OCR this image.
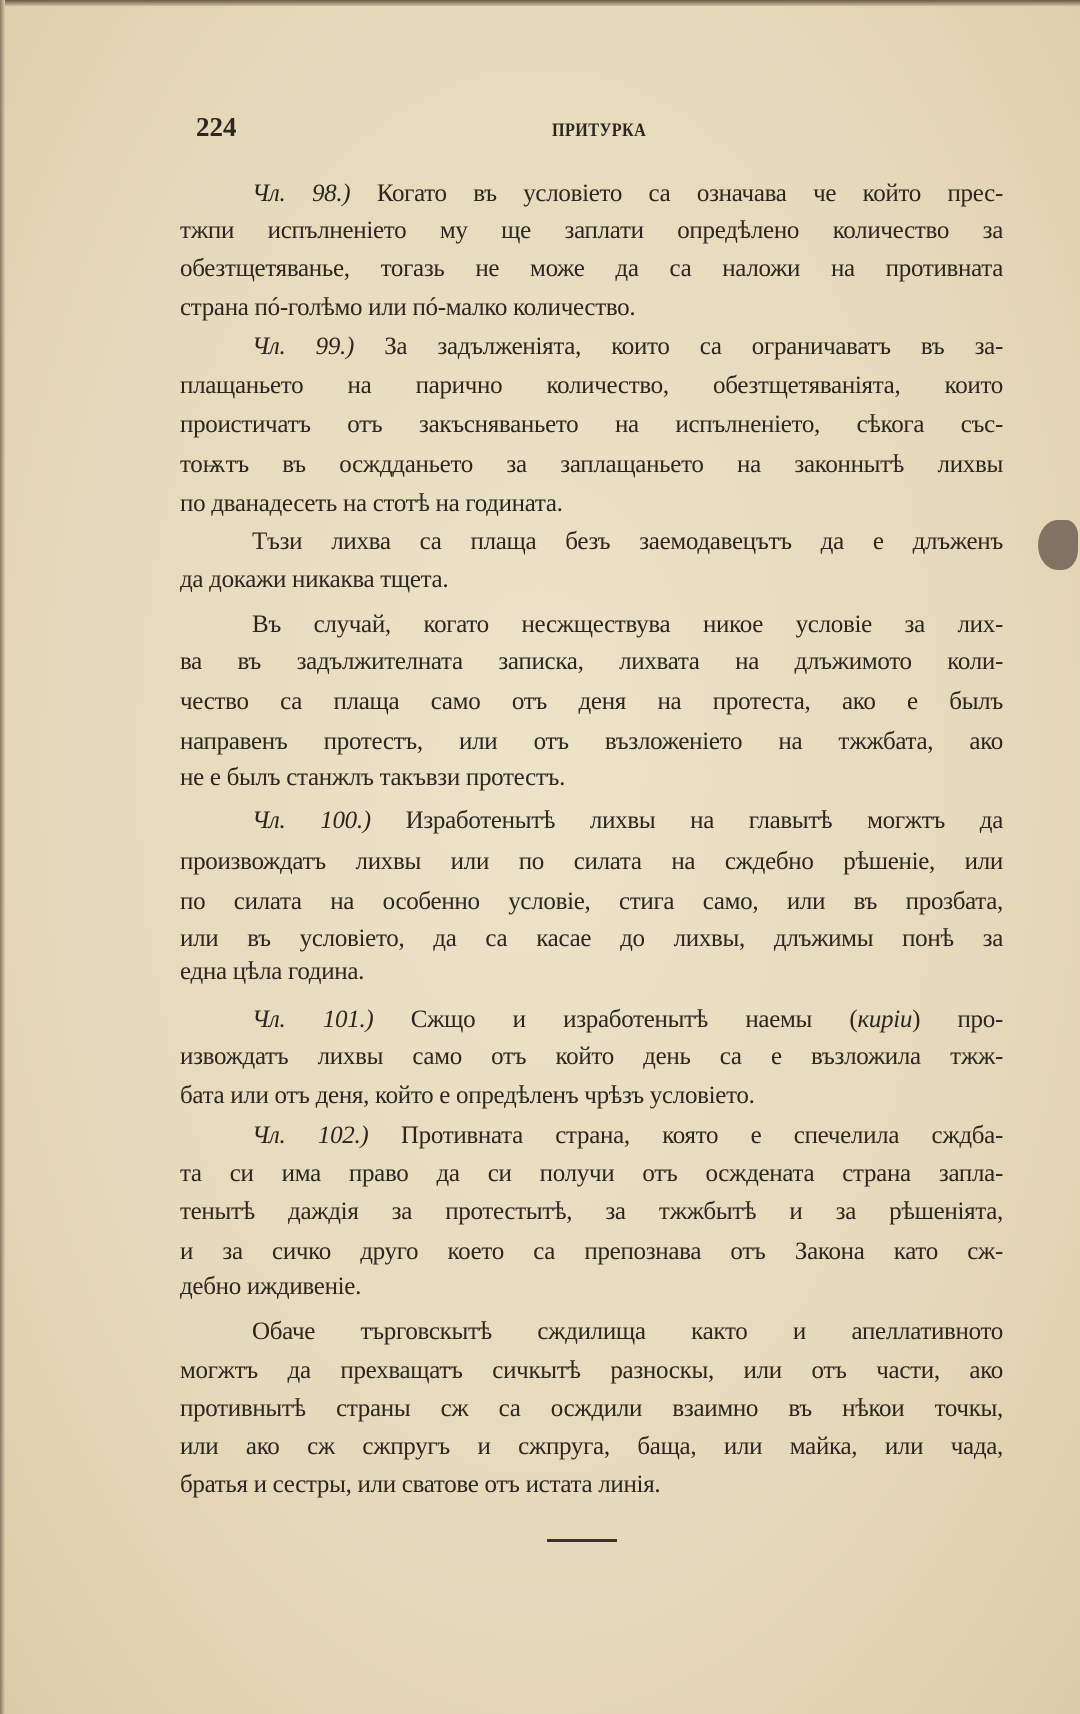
224	ПРИТУРКА
Чл. 98.) Когато въ условіето са означава че който прес-
тжпи испълненіето му ще заплати опредѣлено количество за
обезтщетяванье, тогазь не може да са наложи на противната
страна пó-голѣмо или пó-малко количество.
Чл. 99.) За задълженiята, които са ограничаватъ въ за-
плащаньето на парично количество, обезтщетяванiята, които
проистичатъ отъ закъсняваньето на испълненiето, сѣкога със-
тоѭтъ въ осждданьето за заплащаньето на законнытѣ лихвы
по дванадесеть на стотѣ на годината.
Тъзи лихва са плаща безъ заемодавецътъ да е длъженъ
да докажи никаква тщета.
Въ случай, когато несжществува никое условiе за лих-
ва въ задължителната записка, лихвата на длъжимото коли-
чество са плаща само отъ деня на протеста, ако е былъ
направенъ протестъ, или отъ възложенiето на тжжбата, ако
не е былъ станжлъ такъвзи протестъ.
Чл. 100.) Изработенытѣ лихвы на главытѣ могжтъ да
произвождатъ лихвы или по силата на сждебно рѣшенiе, или
по силата на особенно условiе, стига само, или въ прозбата,
или въ условiето, да са касае до лихвы, длъжимы понѣ за
една цѣла година.
Чл. 101.) Сжщо и изработенытѣ наемы (кирiи) про-
извождатъ лихвы само отъ който день са е възложила тжж-
бата или отъ деня, който е опредѣленъ чрѣзъ условiето.
Чл. 102.) Противната страна, която е спечелила сждба-
та си има право да си получи отъ осждената страна запла-
тенытѣ даждiя за протестытѣ, за тжжбытѣ и за рѣшенiята,
и за сичко друго което са препознава отъ Закона като сж-
дебно иждивенiе.
Обаче търговскытѣ сждилища както и апеллативното
могжтъ да прехващатъ сичкытѣ разноскы, или отъ части, ако
противнытѣ страны сж са осждили взаимно въ нѣкои точкы,
или ако сж сжпругъ и сжпруга, баща, или майка, или чада,
братья и сестры, или сватове отъ истата линiя.
